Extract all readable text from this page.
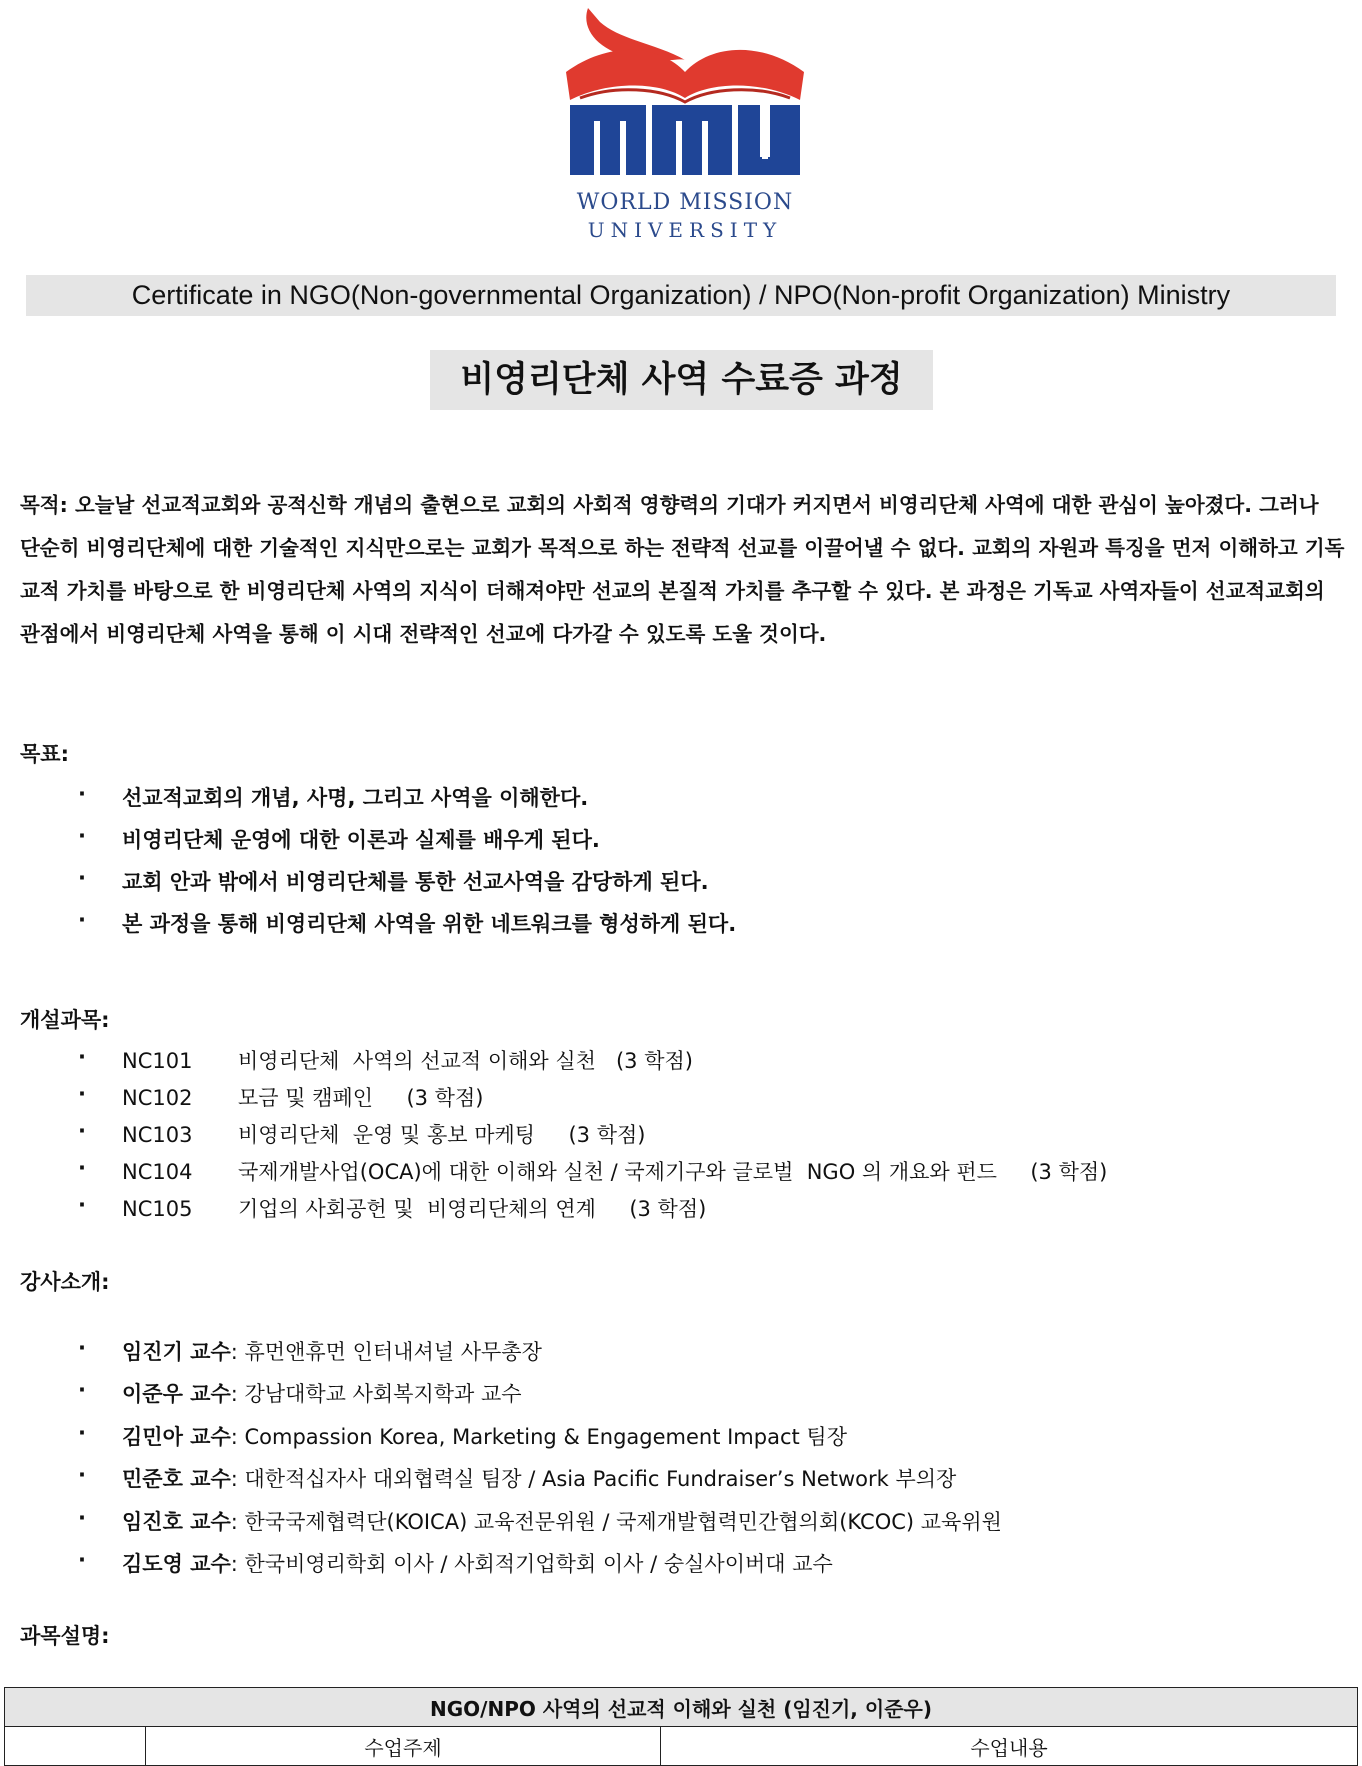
WORLD MISSION
UNIVERSITY
Certificate in NGO(Non-governmental Organization) / NPO(Non-profit Organization) Ministry
비영리단체 사역 수료증 과정
목적: 오늘날 선교적교회와 공적신학 개념의 출현으로 교회의 사회적 영향력의 기대가 커지면서 비영리단체 사역에 대한 관심이 높아졌다. 그러나 단순히 비영리단체에 대한 기술적인 지식만으로는 교회가 목적으로 하는 전략적 선교를 이끌어낼 수 없다. 교회의 자원과 특징을 먼저 이해하고 기독교적 가치를 바탕으로 한 비영리단체 사역의 지식이 더해져야만 선교의 본질적 가치를 추구할 수 있다. 본 과정은 기독교 사역자들이 선교적교회의 관점에서 비영리단체 사역을 통해 이 시대 전략적인 선교에 다가갈 수 있도록 도울 것이다.
목표:
· 선교적교회의 개념, 사명, 그리고 사역을 이해한다.
· 비영리단체 운영에 대한 이론과 실제를 배우게 된다.
· 교회 안과 밖에서 비영리단체를 통한 선교사역을 감당하게 된다.
· 본 과정을 통해 비영리단체 사역을 위한 네트워크를 형성하게 된다.
개설과목:
· NC101 비영리단체  사역의 선교적 이해와 실천   (3 학점)
· NC102 모금 및 캠페인     (3 학점)
· NC103 비영리단체  운영 및 홍보 마케팅     (3 학점)
· NC104 국제개발사업(OCA)에 대한 이해와 실천 / 국제기구와 글로벌  NGO 의 개요와 펀드     (3 학점)
· NC105 기업의 사회공헌 및  비영리단체의 연계     (3 학점)
강사소개:
· 임진기 교수: 휴먼앤휴먼 인터내셔널 사무총장
· 이준우 교수: 강남대학교 사회복지학과 교수
· 김민아 교수: Compassion Korea, Marketing & Engagement Impact 팀장
· 민준호 교수: 대한적십자사 대외협력실 팀장 / Asia Pacific Fundraiser’s Network 부의장
· 임진호 교수: 한국국제협력단(KOICA) 교육전문위원 / 국제개발협력민간협의회(KCOC) 교육위원
· 김도영 교수: 한국비영리학회 이사 / 사회적기업학회 이사 / 숭실사이버대 교수
과목설명:
NGO/NPO 사역의 선교적 이해와 실천 (임진기, 이준우)
	수업주제	수업내용
